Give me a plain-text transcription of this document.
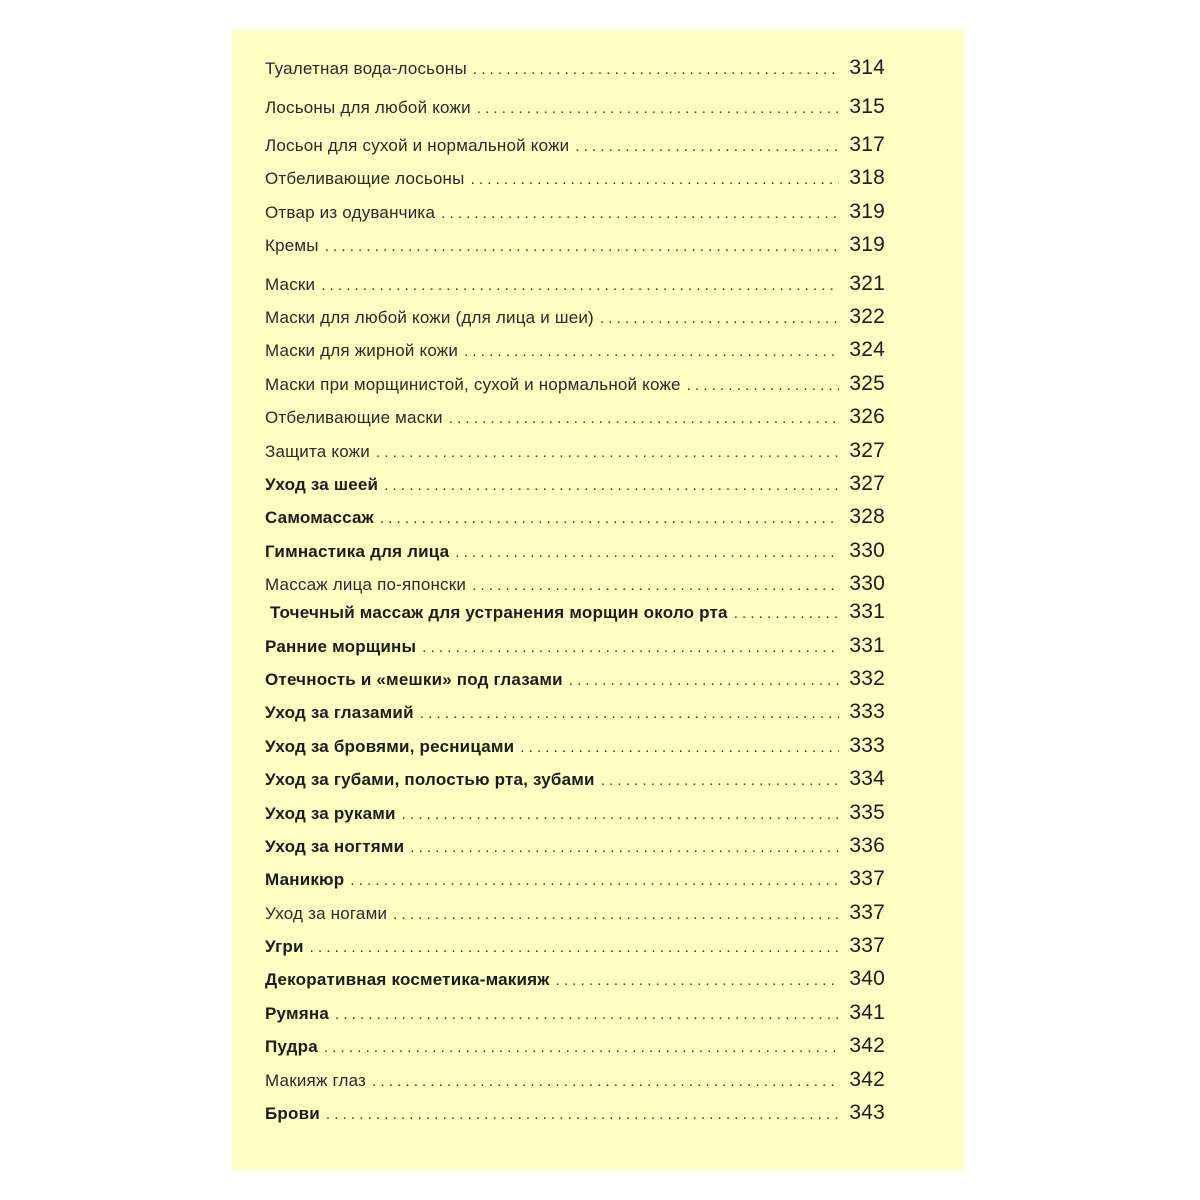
Туалетная вода-лосьоны . . .	314
Лосьоны для любой кожи . . .	315
Лосьон для сухой и нормальной кожи . . .	317
Отбеливающие лосьоны . . .	318
Отвар из одуванчика . . .	319
Кремы . . .	319
Маски . . .	321
Маски для любой кожи (для лица и шеи) . . .	322
Маски для жирной кожи . . .	324
Маски при морщинистой, сухой и нормальной коже . . .	325
Отбеливающие маски . . .	326
Защита кожи . . .	327
Уход за шеей . . .	327
Самомассаж . . .	328
Гимнастика для лица . . .	330
Массаж лица по-японски . . .	330
Точечный массаж для устранения морщин около рта . . .	331
Ранние морщины . . .	331
Отечность и «мешки» под глазами . . .	332
Уход за глазамий . . .	333
Уход за бровями, ресницами . . .	333
Уход за губами, полостью рта, зубами . . .	334
Уход за руками . . .	335
Уход за ногтями . . .	336
Маникюр . . .	337
Уход за ногами . . .	337
Угри . . .	337
Декоративная косметика-макияж . . .	340
Румяна . . .	341
Пудра . . .	342
Макияж глаз . . .	342
Брови . . .	343
